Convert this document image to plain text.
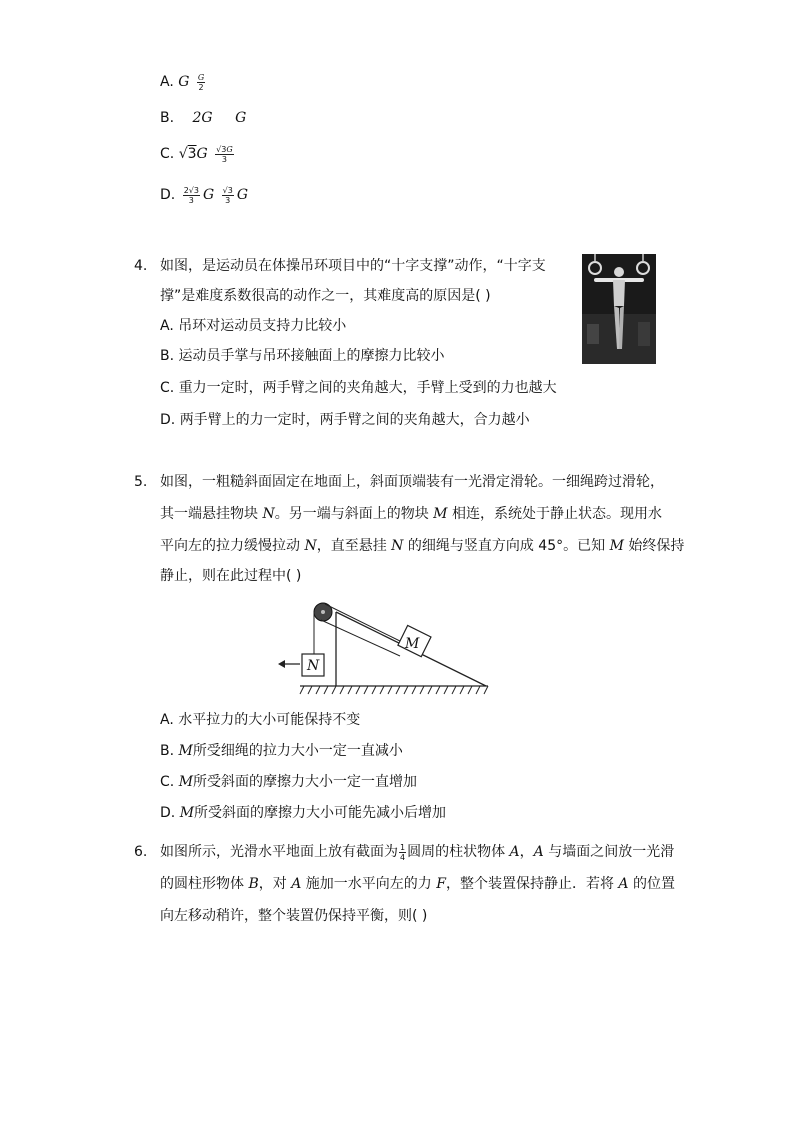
A. G $\frac{G}{2}$
B. 2G G
C. $√3G \frac{√3G}{3}$
D. $\frac{2√3}{3}$ G $\frac{√3}{3}$ G
4. 如图，是运动员在体操吊环项目中的“十字支撑”动作，“十字支
撑”是难度系数很高的动作之一，其难度高的原因是( )
A. 吊环对运动员支持力比较小
B. 运动员手掌与吊环接触面上的摩擦力比较小
C. 重力一定时，两手臂之间的夹角越大，手臂上受到的力也越大
D. 两手臂上的力一定时，两手臂之间的夹角越大，合力越小
5. 如图，一粗糙斜面固定在地面上，斜面顶端装有一光滑定滑轮。一细绳跨过滑轮，
其一端悬挂物块 N。另一端与斜面上的物块 M 相连，系统处于静止状态。现用水
平向左的拉力缓慢拉动 N，直至悬挂 N 的细绳与竖直方向成 45°。已知 M 始终保持
静止，则在此过程中( )
M
N
A. 水平拉力的大小可能保持不变
B. M所受细绳的拉力大小一定一直减小
C. M所受斜面的摩擦力大小一定一直增加
D. M所受斜面的摩擦力大小可能先减小后增加
6. 如图所示，光滑水平地面上放有截面为 $\frac{1}{4}$ 圆周的柱状物体 A，A 与墙面之间放一光滑
的圆柱形物体 B，对 A 施加一水平向左的力 F，整个装置保持静止．若将 A 的位置
向左移动稍许，整个装置仍保持平衡，则( )
